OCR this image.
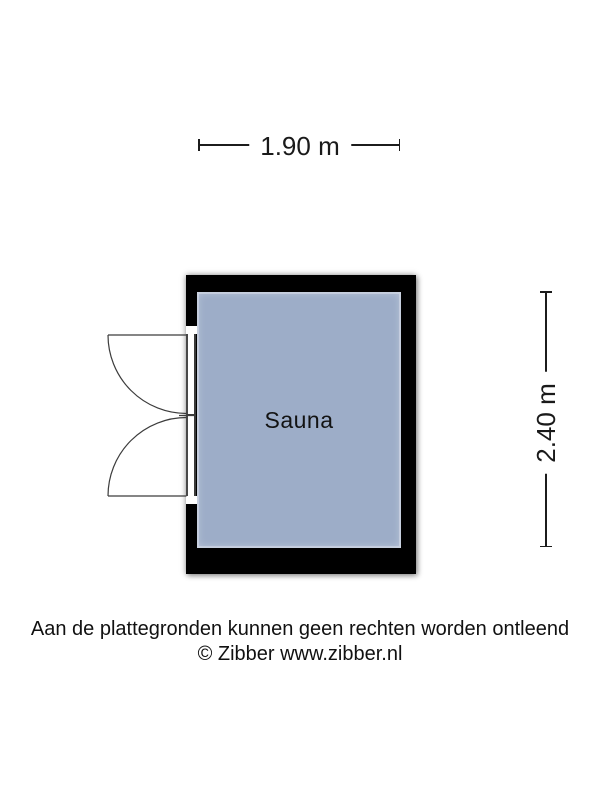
1.90 m
Sauna	2.40 m
Aan de plattegronden kunnen geen rechten worden ontleend
© Zibber www.zibber.nl
